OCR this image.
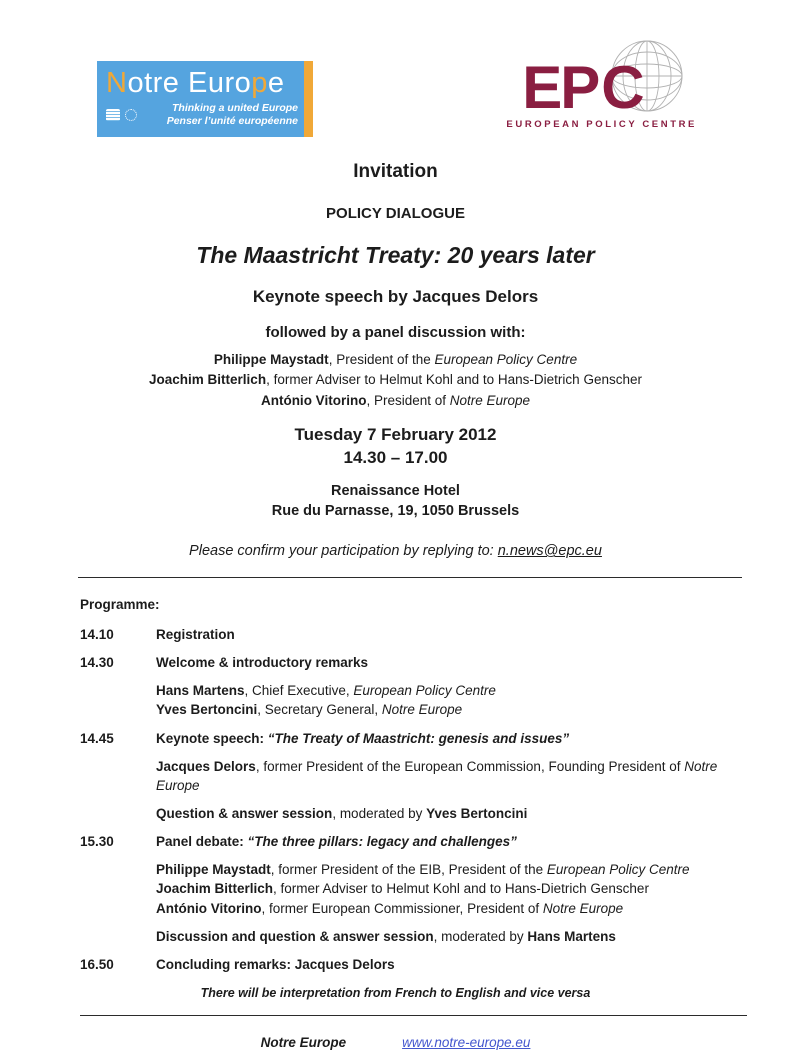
Notre Europe
Thinking a united Europe
Penser l’unité européenne
EP C
EUROPEAN POLICY CENTRE
Invitation
POLICY DIALOGUE
The Maastricht Treaty: 20 years later
Keynote speech by Jacques Delors
followed by a panel discussion with:
Philippe Maystadt, President of the European Policy Centre
Joachim Bitterlich, former Adviser to Helmut Kohl and to Hans-Dietrich Genscher
António Vitorino, President of Notre Europe
Tuesday 7 February 2012
14.30 – 17.00
Renaissance Hotel
Rue du Parnasse, 19, 1050 Brussels
Please confirm your participation by replying to: n.news@epc.eu
Programme:
14.10	Registration
14.30	Welcome & introductory remarks
Hans Martens, Chief Executive, European Policy Centre
Yves Bertoncini, Secretary General, Notre Europe
14.45	Keynote speech: “The Treaty of Maastricht: genesis and issues”
Jacques Delors, former President of the European Commission, Founding President of Notre Europe
Question & answer session, moderated by Yves Bertoncini
15.30	Panel debate: “The three pillars: legacy and challenges”
Philippe Maystadt, former President of the EIB, President of the European Policy Centre
Joachim Bitterlich, former Adviser to Helmut Kohl and to Hans-Dietrich Genscher
António Vitorino, former European Commissioner, President of Notre Europe
Discussion and question & answer session, moderated by Hans Martens
16.50	Concluding remarks: Jacques Delors
There will be interpretation from French to English and vice versa
Notre Europe	www.notre-europe.eu
